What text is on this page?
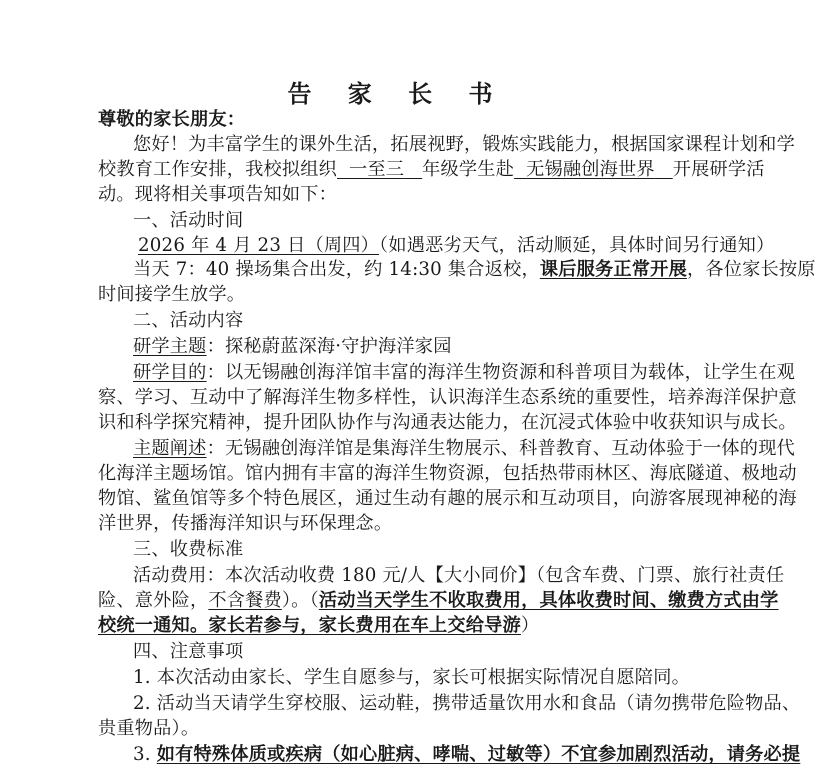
告 家 长 书
尊敬的家长朋友：
您好！为丰富学生的课外生活，拓展视野，锻炼实践能力，根据国家课程计划和学
校教育工作安排，我校拟组织 一至三 年级学生赴 无锡融创海世界 开展研学活
动。现将相关事项告知如下：
一、活动时间
2026 年 4 月 23 日（周四）（如遇恶劣天气，活动顺延，具体时间另行通知）
当天 7：40 操场集合出发，约 14:30 集合返校，课后服务正常开展，各位家长按原
时间接学生放学。
二、活动内容
研学主题：探秘蔚蓝深海·守护海洋家园
研学目的：以无锡融创海洋馆丰富的海洋生物资源和科普项目为载体，让学生在观
察、学习、互动中了解海洋生物多样性，认识海洋生态系统的重要性，培养海洋保护意
识和科学探究精神，提升团队协作与沟通表达能力，在沉浸式体验中收获知识与成长。
主题阐述：无锡融创海洋馆是集海洋生物展示、科普教育、互动体验于一体的现代
化海洋主题场馆。馆内拥有丰富的海洋生物资源，包括热带雨林区、海底隧道、极地动
物馆、鲨鱼馆等多个特色展区，通过生动有趣的展示和互动项目，向游客展现神秘的海
洋世界，传播海洋知识与环保理念。
三、收费标准
活动费用：本次活动收费 180 元/人【大小同价】（包含车费、门票、旅行社责任
险、意外险，不含餐费）。（活动当天学生不收取费用，具体收费时间、缴费方式由学
校统一通知。家长若参与，家长费用在车上交给导游）
四、注意事项
1. 本次活动由家长、学生自愿参与，家长可根据实际情况自愿陪同。
2. 活动当天请学生穿校服、运动鞋，携带适量饮用水和食品（请勿携带危险物品、
贵重物品）。
3. 如有特殊体质或疾病（如心脏病、哮喘、过敏等）不宜参加剧烈活动，请务必提
